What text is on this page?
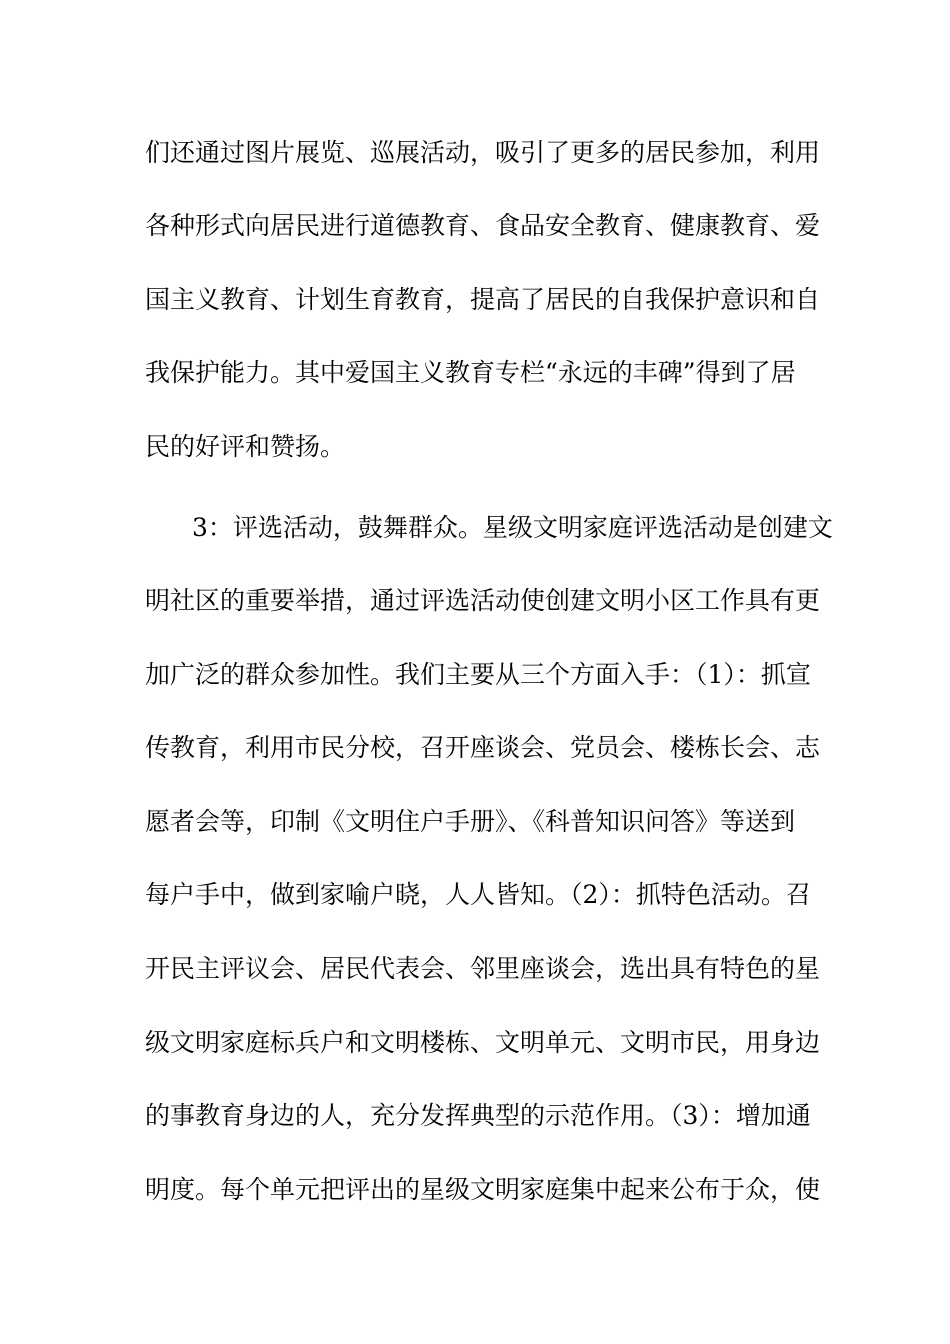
们还通过图片展览、巡展活动，吸引了更多的居民参加，利用

各种形式向居民进行道德教育、食品安全教育、健康教育、爱

国主义教育、计划生育教育，提高了居民的自我保护意识和自

我保护能力。其中爱国主义教育专栏“永远的丰碑”得到了居

民的好评和赞扬。

3：评选活动，鼓舞群众。星级文明家庭评选活动是创建文

明社区的重要举措，通过评选活动使创建文明小区工作具有更

加广泛的群众参加性。我们主要从三个方面入手：（1）：抓宣

传教育，利用市民分校，召开座谈会、党员会、楼栋长会、志

愿者会等，印制《文明住户手册》、《科普知识问答》等送到

每户手中，做到家喻户晓，人人皆知。（2）：抓特色活动。召

开民主评议会、居民代表会、邻里座谈会，选出具有特色的星

级文明家庭标兵户和文明楼栋、文明单元、文明市民，用身边

的事教育身边的人，充分发挥典型的示范作用。（3）：增加通

明度。每个单元把评出的星级文明家庭集中起来公布于众，使
